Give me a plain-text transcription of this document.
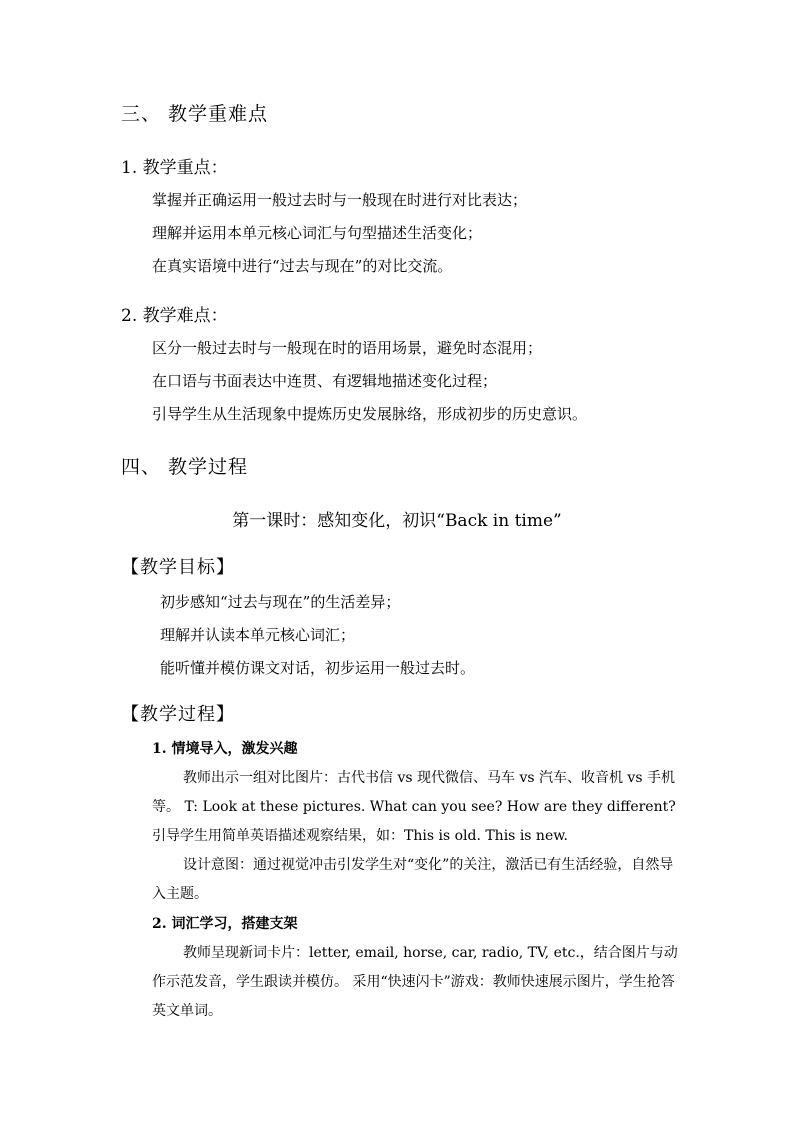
三、 教学重难点
1. 教学重点：
掌握并正确运用一般过去时与一般现在时进行对比表达；
理解并运用本单元核心词汇与句型描述生活变化；
在真实语境中进行“过去与现在”的对比交流。
2. 教学难点：
区分一般过去时与一般现在时的语用场景，避免时态混用；
在口语与书面表达中连贯、有逻辑地描述变化过程；
引导学生从生活现象中提炼历史发展脉络，形成初步的历史意识。
四、 教学过程
第一课时：感知变化，初识“Back in time”
【教学目标】
初步感知“过去与现在”的生活差异；
理解并认读本单元核心词汇；
能听懂并模仿课文对话，初步运用一般过去时。
【教学过程】
1. 情境导入，激发兴趣
教师出示一组对比图片：古代书信 vs 现代微信、马车 vs 汽车、收音机 vs 手机等。 T: Look at these pictures. What can you see? How are they different? 引导学生用简单英语描述观察结果，如：This is old. This is new.
设计意图：通过视觉冲击引发学生对“变化”的关注，激活已有生活经验，自然导入主题。
2. 词汇学习，搭建支架
教师呈现新词卡片：letter, email, horse, car, radio, TV, etc.，结合图片与动作示范发音，学生跟读并模仿。 采用“快速闪卡”游戏：教师快速展示图片，学生抢答英文单词。
